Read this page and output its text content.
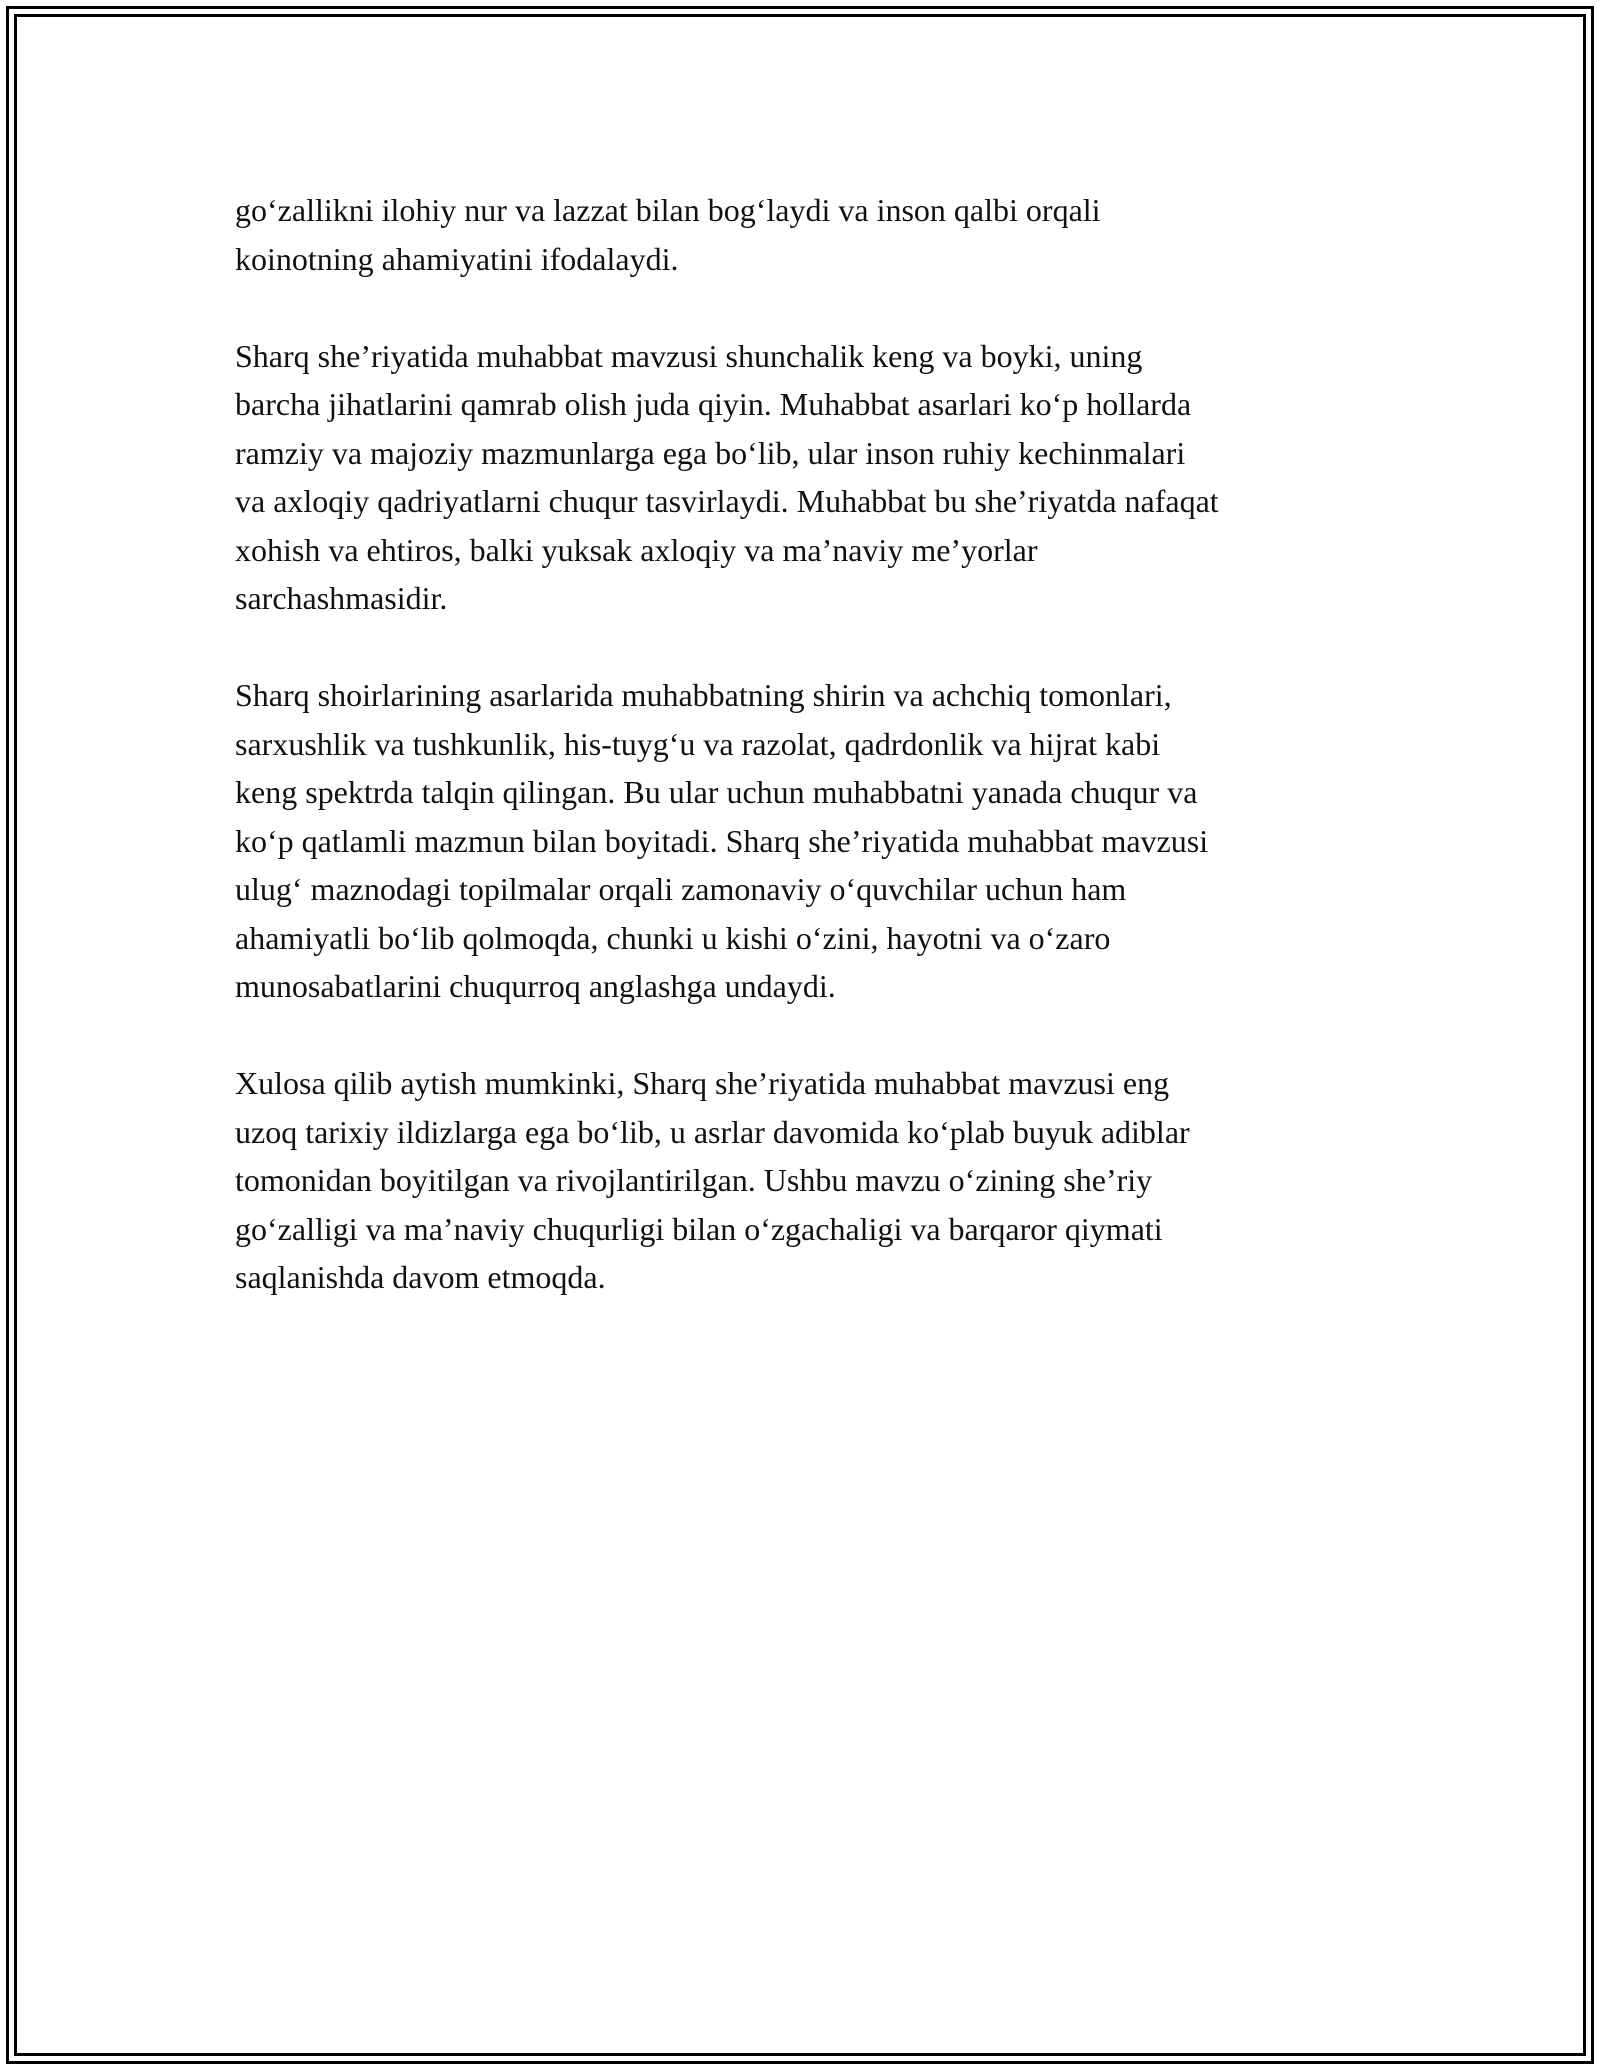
go‘zallikni ilohiy nur va lazzat bilan bog‘laydi va inson qalbi orqali
koinotning ahamiyatini ifodalaydi.

Sharq she’riyatida muhabbat mavzusi shunchalik keng va boyki, uning
barcha jihatlarini qamrab olish juda qiyin. Muhabbat asarlari ko‘p hollarda
ramziy va majoziy mazmunlarga ega bo‘lib, ular inson ruhiy kechinmalari
va axloqiy qadriyatlarni chuqur tasvirlaydi. Muhabbat bu she’riyatda nafaqat
xohish va ehtiros, balki yuksak axloqiy va ma’naviy me’yorlar
sarchashmasidir.

Sharq shoirlarining asarlarida muhabbatning shirin va achchiq tomonlari,
sarxushlik va tushkunlik, his-tuyg‘u va razolat, qadrdonlik va hijrat kabi
keng spektrda talqin qilingan. Bu ular uchun muhabbatni yanada chuqur va
ko‘p qatlamli mazmun bilan boyitadi. Sharq she’riyatida muhabbat mavzusi
ulug‘ maznodagi topilmalar orqali zamonaviy o‘quvchilar uchun ham
ahamiyatli bo‘lib qolmoqda, chunki u kishi o‘zini, hayotni va o‘zaro
munosabatlarini chuqurroq anglashga undaydi.

Xulosa qilib aytish mumkinki, Sharq she’riyatida muhabbat mavzusi eng
uzoq tarixiy ildizlarga ega bo‘lib, u asrlar davomida ko‘plab buyuk adiblar
tomonidan boyitilgan va rivojlantirilgan. Ushbu mavzu o‘zining she’riy
go‘zalligi va ma’naviy chuqurligi bilan o‘zgachaligi va barqaror qiymati
saqlanishda davom etmoqda.
